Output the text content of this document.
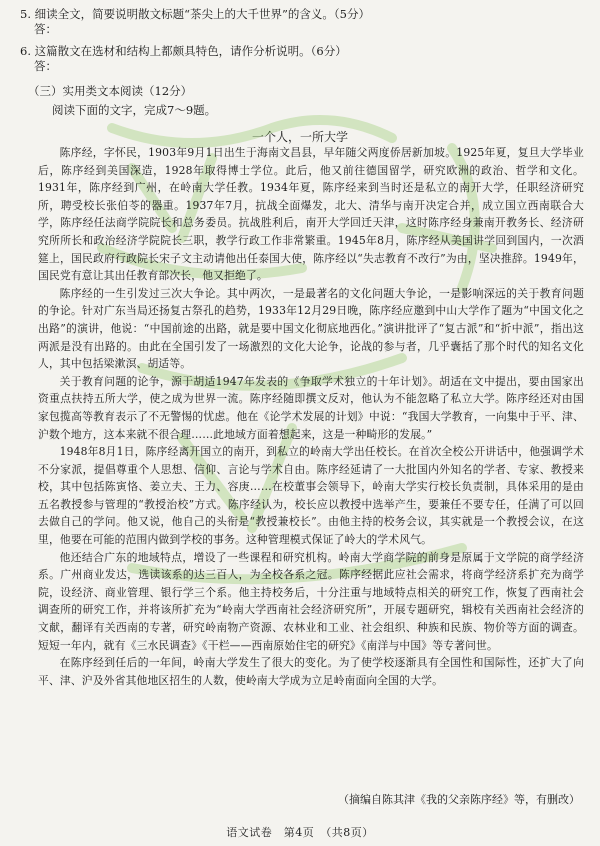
5. 细读全文，简要说明散文标题“茶尖上的大千世界”的含义。（5分）
答：
6. 这篇散文在选材和结构上都颇具特色，请作分析说明。（6分）
答：
（三）实用类文本阅读（12分）
阅读下面的文字，完成7～9题。
一个人，一所大学

陈序经，字怀民，1903年9月1日出生于海南文昌县，早年随父两度侨居新加坡。1925年夏，复旦大学毕业后，陈序经到美国深造，1928年取得博士学位。此后，他又前往德国留学，研究欧洲的政治、哲学和文化。1931年，陈序经到广州，在岭南大学任教。1934年夏，陈序经来到当时还是私立的南开大学，任职经济研究所，聘受校长张伯苓的器重。1937年7月，抗战全面爆发，北大、清华与南开决定合并，成立国立西南联合大学，陈序经任法商学院院长和总务委员。抗战胜利后，南开大学回迁天津，这时陈序经身兼南开教务长、经济研究所所长和政治经济学院院长三职，教学行政工作非常繁重。1945年8月，陈序经从美国讲学回到国内，一次酒筵上，国民政府行政院长宋子文主动请他出任泰国大使，陈序经以“失志教育不改行”为由，坚决推辞。1949年，国民党有意让其出任教育部次长，他又拒绝了。

陈序经的一生引发过三次大争论。其中两次，一是最著名的文化问题大争论，一是影响深远的关于教育问题的争论。针对广东当局还扬复古祭孔的趋势，1933年12月29日晚，陈序经应邀到中山大学作了题为“中国文化之出路”的演讲，他说：“中国前途的出路，就是要中国文化彻底地西化。”演讲批评了“复古派”和“折中派”，指出这两派是没有出路的。由此在全国引发了一场激烈的文化大论争，论战的参与者，几乎囊括了那个时代的知名文化人，其中包括梁漱溟、胡适等。

关于教育问题的论争，源于胡适1947年发表的《争取学术独立的十年计划》。胡适在文中提出，要由国家出资重点扶持五所大学，使之成为世界一流。陈序经随即撰文反对，他认为不能忽略了私立大学。陈序经还对由国家包揽高等教育表示了不无警惕的忧虑。他在《论学术发展的计划》中说：“我国大学教育，一向集中于平、津、沪数个地方，这本来就不很合理……此地域方面着想起来，这是一种畸形的发展。”

1948年8月1日，陈序经离开国立的南开，到私立的岭南大学出任校长。在首次全校公开讲话中，他强调学术不分家派，提倡尊重个人思想、信仰、言论与学术自由。陈序经延请了一大批国内外知名的学者、专家、教授来校，其中包括陈寅恪、姜立夫、王力、容庚……在校董事会领导下，岭南大学实行校长负责制，具体采用的是由五名教授参与管理的“教授治校”方式。陈序经认为，校长应以教授中选举产生，要兼任不要专任，任满了可以回去做自己的学问。他又说，他自己的头衔是“教授兼校长”。由他主持的校务会议，其实就是一个教授会议，在这里，他要在可能的范围内做到学校的事务。这种管理模式保证了岭大的学术风气。

他还结合广东的地域特点，增设了一些课程和研究机构。岭南大学商学院的前身是原属于文学院的商学经济系。广州商业发达，选读该系的达三百人，为全校各系之冠。陈序经据此应社会需求，将商学经济系扩充为商学院，设经济、商业管理、银行学三个系。他主持校务后，十分注重与地域特点相关的研究工作，恢复了西南社会调查所的研究工作，并将该所扩充为“岭南大学西南社会经济研究所”，开展专题研究，辑校有关西南社会经济的文献，翻译有关西南的专著，研究岭南物产资源、农林业和工业、社会组织、种族和民族、物价等方面的调查。短短一年内，就有《三水民调查》《干栏——西南原始住宅的研究》《南洋与中国》等专著问世。

在陈序经到任后的一年间，岭南大学发生了很大的变化。为了使学校逐渐具有全国性和国际性，还扩大了向平、津、沪及外省其他地区招生的人数，使岭南大学成为立足岭南面向全国的大学。

（摘编自陈其津《我的父亲陈序经》等，有删改）
语文试卷　第4页　（共8页）
